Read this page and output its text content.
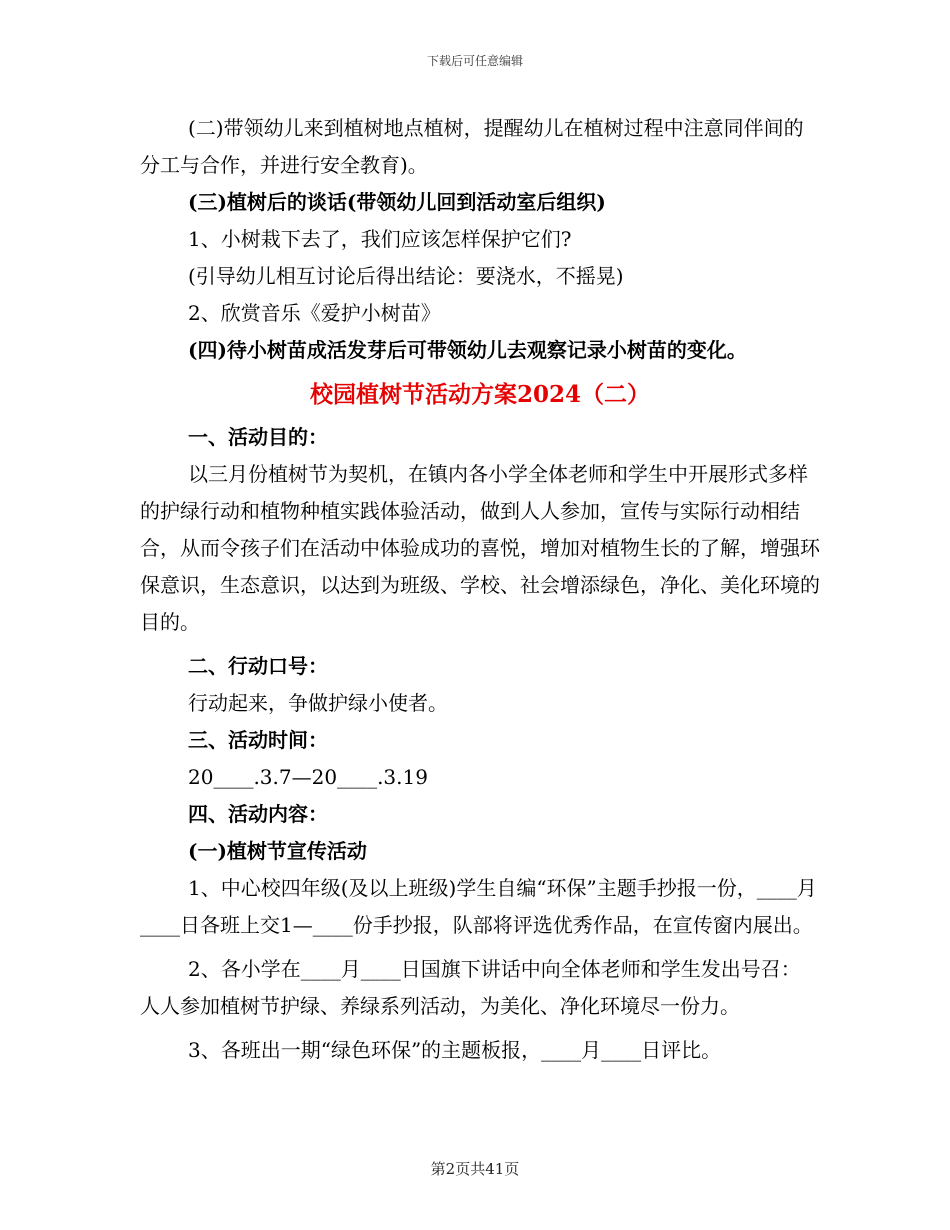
下载后可任意编辑

(二)带领幼儿来到植树地点植树，提醒幼儿在植树过程中注意同伴间的分工与合作，并进行安全教育)。

(三)植树后的谈话(带领幼儿回到活动室后组织)

1、小树栽下去了，我们应该怎样保护它们?

(引导幼儿相互讨论后得出结论：要浇水，不摇晃)

2、欣赏音乐《爱护小树苗》

(四)待小树苗成活发芽后可带领幼儿去观察记录小树苗的变化。

校园植树节活动方案2024（二）

一、活动目的：

以三月份植树节为契机，在镇内各小学全体老师和学生中开展形式多样的护绿行动和植物种植实践体验活动，做到人人参加，宣传与实际行动相结合，从而令孩子们在活动中体验成功的喜悦，增加对植物生长的了解，增强环保意识，生态意识，以达到为班级、学校、社会增添绿色，净化、美化环境的目的。

二、行动口号：

行动起来，争做护绿小使者。

三、活动时间：

20____.3.7—20____.3.19

四、活动内容：

(一)植树节宣传活动

1、中心校四年级(及以上班级)学生自编“环保”主题手抄报一份，____月____日各班上交1—____份手抄报，队部将评选优秀作品，在宣传窗内展出。

2、各小学在____月____日国旗下讲话中向全体老师和学生发出号召：人人参加植树节护绿、养绿系列活动，为美化、净化环境尽一份力。

3、各班出一期“绿色环保”的主题板报，____月____日评比。

第2页共41页
